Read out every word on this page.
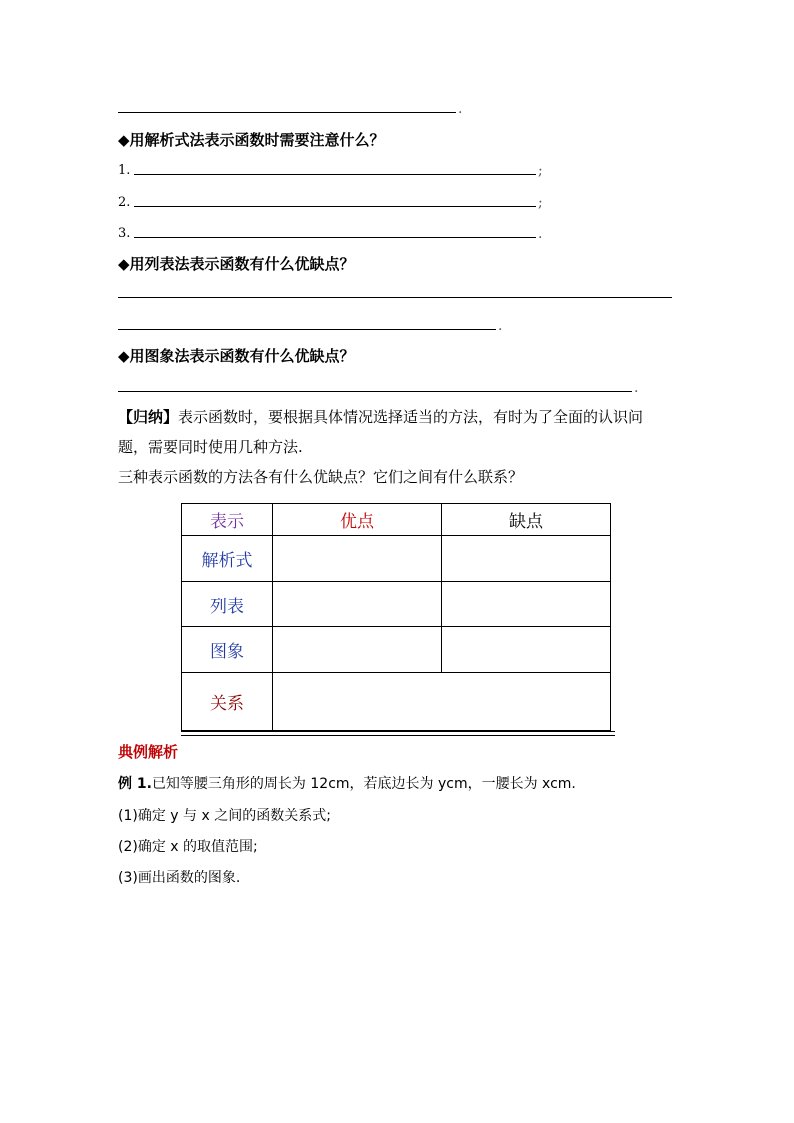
.
◆用解析式法表示函数时需要注意什么？
1.	;
2.	;
3.	.
◆用列表法表示函数有什么优缺点？
.
◆用图象法表示函数有什么优缺点？
.
【归纳】表示函数时，要根据具体情况选择适当的方法，有时为了全面的认识问
题，需要同时使用几种方法.
三种表示函数的方法各有什么优缺点？它们之间有什么联系？
表示	优点	缺点
解析式		
列表		
图象		
关系		
典例解析
例 1.已知等腰三角形的周长为 12cm，若底边长为 ycm，一腰长为 xcm.
(1)确定 y 与 x 之间的函数关系式;
(2)确定 x 的取值范围;
(3)画出函数的图象.
